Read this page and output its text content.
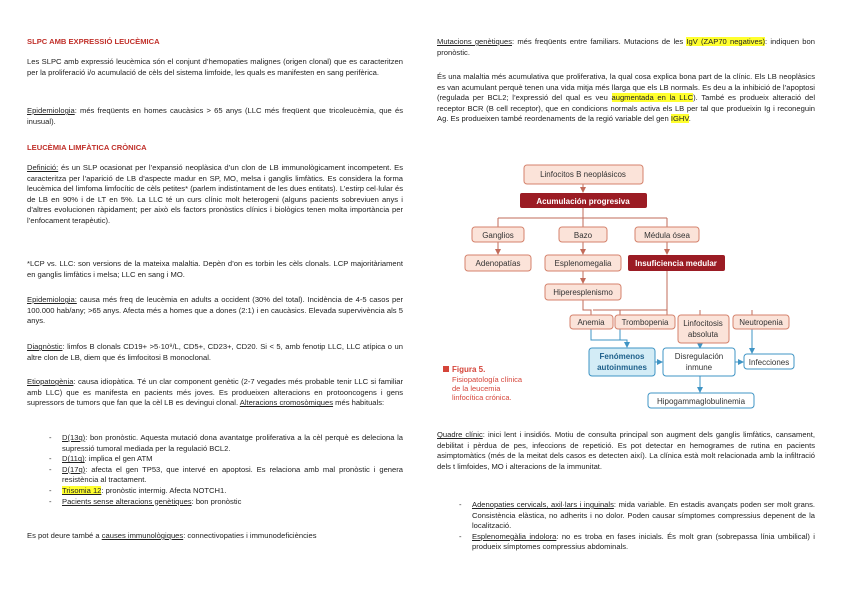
SLPC AMB EXPRESSIÓ LEUCÈMICA

Les SLPC amb expressió leucèmica són el conjunt d’hemopaties malignes (origen clonal) que es caracteritzen per la proliferació i/o acumulació de cèls del sistema limfoide, les quals es manifesten en sang perifèrica.

Epidemiologia: més freqüents en homes caucàsics > 65 anys (LLC més freqüent que tricoleucèmia, que és inusual).

LEUCÈMIA LIMFÀTICA CRÒNICA

Definició: és un SLP ocasionat per l’expansió neoplàsica d’un clon de LB immunològicament incompetent. Es caracteritza per l’aparició de LB d’aspecte madur en SP, MO, melsa i ganglis limfàtics. Es considera la forma leucèmica del limfoma limfocític de cèls petites* (parlem indistintament de les dues entitats). L’estirp cel·lular és de LB en 90% i de LT en 5%. La LLC té un curs clínic molt heterogeni (alguns pacients sobreviuen anys i d’altres evolucionen ràpidament; per això els factors pronòstics clínics i biològics tenen molta importància per l’enfocament terapèutic).

*LCP vs. LLC: son versions de la mateixa malaltia. Depèn d’on es torbin les cèls clonals. LCP majoritàriament en ganglis limfàtics i melsa; LLC en sang i MO.

Epidemiologia: causa més freq de leucèmia en adults a occident (30% del total). Incidència de 4-5 casos per 100.000 hab/any; >65 anys. Afecta més a homes que a dones (2:1) i en caucàsics. Elevada supervivència als 5 anys.

Diagnòstic: limfos B clonals CD19+ >5·10⁹/L, CD5+, CD23+, CD20. Si < 5, amb fenotip LLC, LLC atípica o un altre clon de LB, diem que és limfocitosi B monoclonal.

Etiopatogènia: causa idiopàtica. Té un clar component genètic (2-7 vegades més probable tenir LLC si familiar amb LLC) que es manifesta en pacients més joves. Es produeixen alteracions en protooncogens i gens supressors de tumors que fan que la cèl LB es devingui clonal. Alteracions cromosòmiques més habituals:

- D(13q): bon pronòstic. Aquesta mutació dona avantatge proliferativa a la cèl perquè es deleciona la supressió tumoral mediada per la regulació BCL2.
- D(11q): implica el gen ATM
- D(17q): afecta el gen TP53, que intervé en apoptosi. Es relaciona amb mal pronòstic i genera resistència al tractament.
- Trisomia 12: pronòstic intermig. Afecta NOTCH1.
- Pacients sense alteracions genètiques: bon pronòstic

Es pot deure també a causes immunològiques: connectivopaties i immunodeficiències

Mutacions genètiques: més freqüents entre familiars. Mutacions de les IgV (ZAP70 negatives): indiquen bon pronòstic.

És una malaltia més acumulativa que proliferativa, la qual cosa explica bona part de la clínic. Els LB neoplàsics es van acumulant perquè tenen una vida mitja més llarga que els LB normals. Es deu a la inhibició de l’apoptosi (regulada per BCL2; l’expressió del qual es veu augmentada en la LLC). També es produeix alteració del receptor BCR (B cell receptor), que en condicions normals activa els LB per tal que produeixin Ig i reconeguin Ag. Es produeixen també reordenaments de la regió variable del gen IGHV.

Quadre clínic: inici lent i insidiós. Motiu de consulta principal son augment dels ganglis limfàtics, cansament, debilitat i pèrdua de pes, infeccions de repetició. Es pot detectar en hemogrames de rutina en pacients asimptomàtics (més de la meitat dels casos es detecten així). La clínica està molt relacionada amb la infiltració dels t limfoides, MO i alteracions de la immunitat.

- Adenopaties cervicals, axil·lars i inguinals: mida variable. En estadis avançats poden ser molt grans. Consistència elàstica, no adherits i no dolor. Poden causar símptomes compressius depenent de la localització.
- Esplenomegàlia indolora: no es troba en fases inicials. És molt gran (sobrepassa línia umbilical) i produeix símptomes compressius abdominals.
Linfocitos B neoplásicos
Acumulación progresiva
Ganglios	Bazo	Médula ósea
Adenopatías	Esplenomegalia	Insuficiencia medular
Hiperesplenismo
Anemia Trombopenia Linfocitosis
absoluta
Neutropenia
Fenómenos
autoinmunes
Disregulación
inmune
Infecciones
Hipogammaglobulinemia
Figura 5.
Fisiopatología clínica
de la leucemia
linfocítica crónica.
